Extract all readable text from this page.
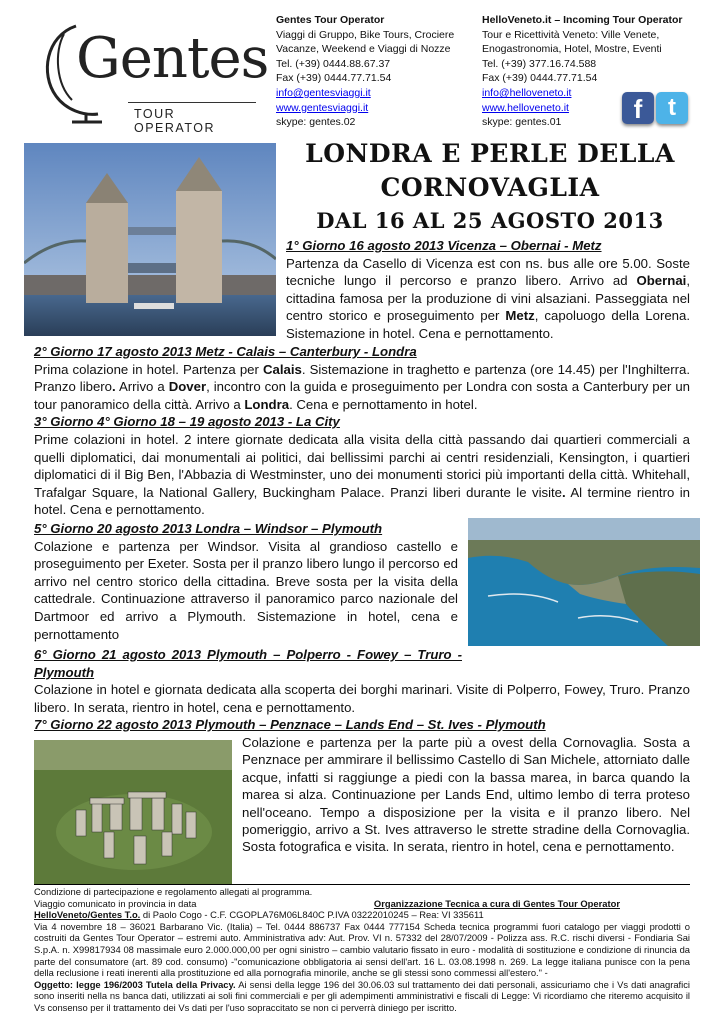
Gentes
TOUR OPERATOR
Gentes Tour Operator
Viaggi di Gruppo, Bike Tours, Crociere
Vacanze, Weekend e Viaggi di Nozze
Tel. (+39) 0444.88.67.37
Fax (+39) 0444.77.71.54
info@gentesviaggi.it
www.gentesviaggi.it
skype: gentes.02
HelloVeneto.it – Incoming Tour Operator
Tour e Ricettività Veneto: Ville Venete,
Enogastronomia, Hotel, Mostre, Eventi
Tel. (+39) 377.16.74.588
Fax (+39) 0444.77.71.54
info@helloveneto.it
www.helloveneto.it
skype: gentes.01	f	t
LONDRA E PERLE DELLA
CORNOVAGLIA
DAL 16 AL 25 AGOSTO 2013
1° Giorno 16 agosto 2013 Vicenza – Obernai - Metz
Partenza da Casello di Vicenza est con ns. bus alle ore 5.00. Soste tecniche lungo il percorso e pranzo libero. Arrivo ad Obernai, cittadina famosa per la produzione di vini alsaziani. Passeggiata nel centro storico e proseguimento per Metz, capoluogo della Lorena. Sistemazione in hotel. Cena e pernottamento.
2° Giorno 17 agosto 2013 Metz - Calais – Canterbury - Londra
Prima colazione in hotel. Partenza per Calais. Sistemazione in traghetto e partenza (ore 14.45) per l'Inghilterra. Pranzo libero. Arrivo a Dover, incontro con la guida e proseguimento per Londra con sosta a Canterbury per un tour panoramico della città. Arrivo a Londra. Cena e pernottamento in hotel.
3° Giorno 4° Giorno 18 – 19 agosto 2013 - La City
Prime colazioni in hotel. 2 intere giornate dedicata alla visita della città passando dai quartieri commerciali a quelli diplomatici, dai monumentali ai politici, dai bellissimi parchi ai centri residenziali, Kensington, i quartieri diplomatici di il Big Ben, l'Abbazia di Westminster, uno dei monumenti storici più importanti della città. Whitehall, Trafalgar Square, la National Gallery, Buckingham Palace. Pranzi liberi durante le visite. Al termine rientro in hotel. Cena e pernottamento.
5° Giorno 20 agosto 2013 Londra – Windsor – Plymouth
Colazione e partenza per Windsor. Visita al grandioso castello e proseguimento per Exeter. Sosta per il pranzo libero lungo il percorso ed arrivo nel centro storico della cittadina. Breve sosta per la visita della cattedrale. Continuazione attraverso il panoramico parco nazionale del Dartmoor ed arrivo a Plymouth. Sistemazione in hotel, cena e pernottamento
6° Giorno 21 agosto 2013 Plymouth – Polperro - Fowey – Truro - Plymouth
Colazione in hotel e giornata dedicata alla scoperta dei borghi marinari. Visite di Polperro, Fowey, Truro. Pranzo libero. In serata, rientro in hotel, cena e pernottamento.
7° Giorno 22 agosto 2013 Plymouth – Penznace – Lands End – St. Ives - Plymouth
Colazione e partenza per la parte più a ovest della Cornovaglia. Sosta a Penznace per ammirare il bellissimo Castello di San Michele, attorniato dalle acque, infatti si raggiunge a piedi con la bassa marea, in barca quando la marea si alza. Continuazione per Lands End, ultimo lembo di terra proteso nell'oceano. Tempo a disposizione per la visita e il pranzo libero. Nel pomeriggio, arrivo a St. Ives attraverso le strette stradine della Cornovaglia. Sosta fotografica e visita. In serata, rientro in hotel, cena e pernottamento.
Condizione di partecipazione e regolamento allegati al programma.
Viaggio comunicato in provincia in data	Organizzazione Tecnica a cura di Gentes Tour Operator
HelloVeneto/Gentes T.o. di Paolo Cogo - C.F. CGOPLA76M06L840C P.IVA 03222010245 – Rea: VI 335611
Via 4 novembre 18 – 36021 Barbarano Vic. (Italia) – Tel. 0444 886737 Fax 0444 777154 Scheda tecnica programmi fuori catalogo per viaggi prodotti o costruiti da Gentes Tour Operator – estremi auto. Amministrativa adv: Aut. Prov. VI n. 57332 del 28/07/2009 - Polizza ass. R.C. rischi diversi - Fondiaria Sai S.p.A. n. X99817934 08 massimale euro 2.000.000,00 per ogni sinistro – cambio valutario fissato in euro - modalità di sostituzione e condizione di rinuncia da parte del consumatore (art. 89 cod. consumo) -"comunicazione obbligatoria ai sensi dell'art. 16 L. 03.08.1998 n. 269. La legge italiana punisce con la pena della reclusione i reati inerenti alla prostituzione ed alla pornografia minorile, anche se gli stessi sono commessi all'estero." -
Oggetto: legge 196/2003 Tutela della Privacy. Ai sensi della legge 196 del 30.06.03 sul trattamento dei dati personali, assicuriamo che i Vs dati anagrafici sono inseriti nella ns banca dati, utilizzati ai soli fini commerciali e per gli adempimenti amministrativi e fiscali di Legge: Vi ricordiamo che riteremo acquisito il Vs consenso per il trattamento dei Vs dati per l'uso sopraccitato se non ci perverrà diniego per iscritto.
